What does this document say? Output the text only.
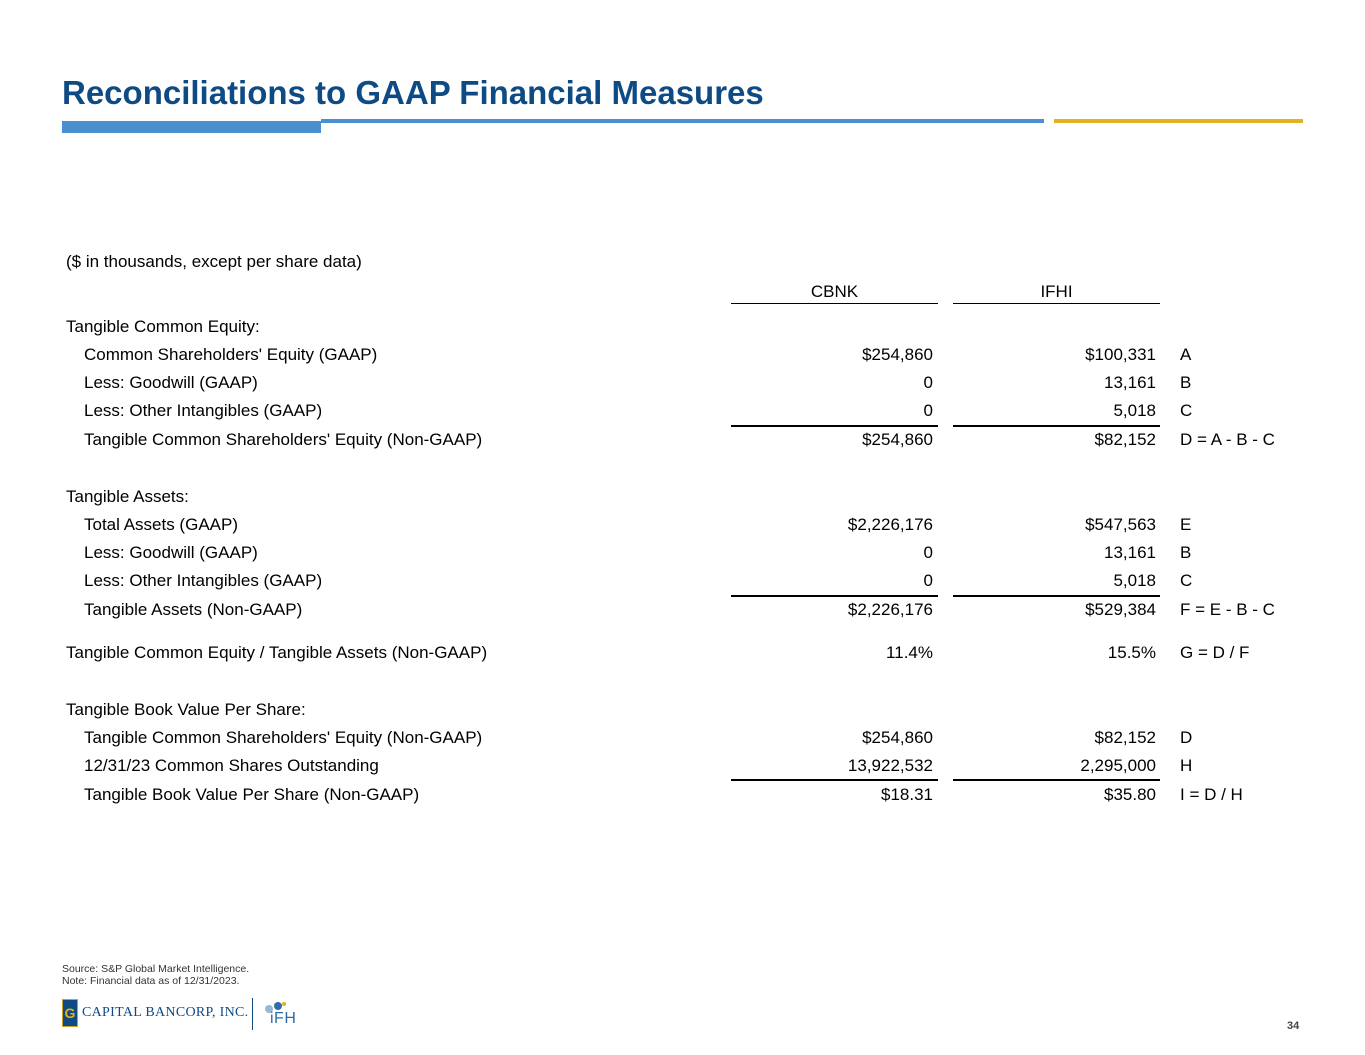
Reconciliations to GAAP Financial Measures
($ in thousands, except per share data)
CBNK	IFHI
Tangible Common Equity:
Common Shareholders' Equity (GAAP)	$254,860	$100,331 A
Less: Goodwill (GAAP)	0	13,161 B
Less: Other Intangibles (GAAP)	0	5,018 C
Tangible Common Shareholders' Equity (Non-GAAP)	$254,860	$82,152 D = A - B - C
Tangible Assets:
Total Assets (GAAP)	$2,226,176	$547,563 E
Less: Goodwill (GAAP)	0	13,161 B
Less: Other Intangibles (GAAP)	0	5,018 C
Tangible Assets (Non-GAAP)	$2,226,176	$529,384 F = E - B - C
Tangible Common Equity / Tangible Assets (Non-GAAP)	11.4%	15.5% G = D / F
Tangible Book Value Per Share:
Tangible Common Shareholders' Equity (Non-GAAP)	$254,860	$82,152 D
12/31/23 Common Shares Outstanding	13,922,532	2,295,000 H
Tangible Book Value Per Share (Non-GAAP)	$18.31	$35.80 I = D / H
Source: S&P Global Market Intelligence.
Note: Financial data as of 12/31/2023.
G CAPITAL BANCORP, INC. iFH	34
